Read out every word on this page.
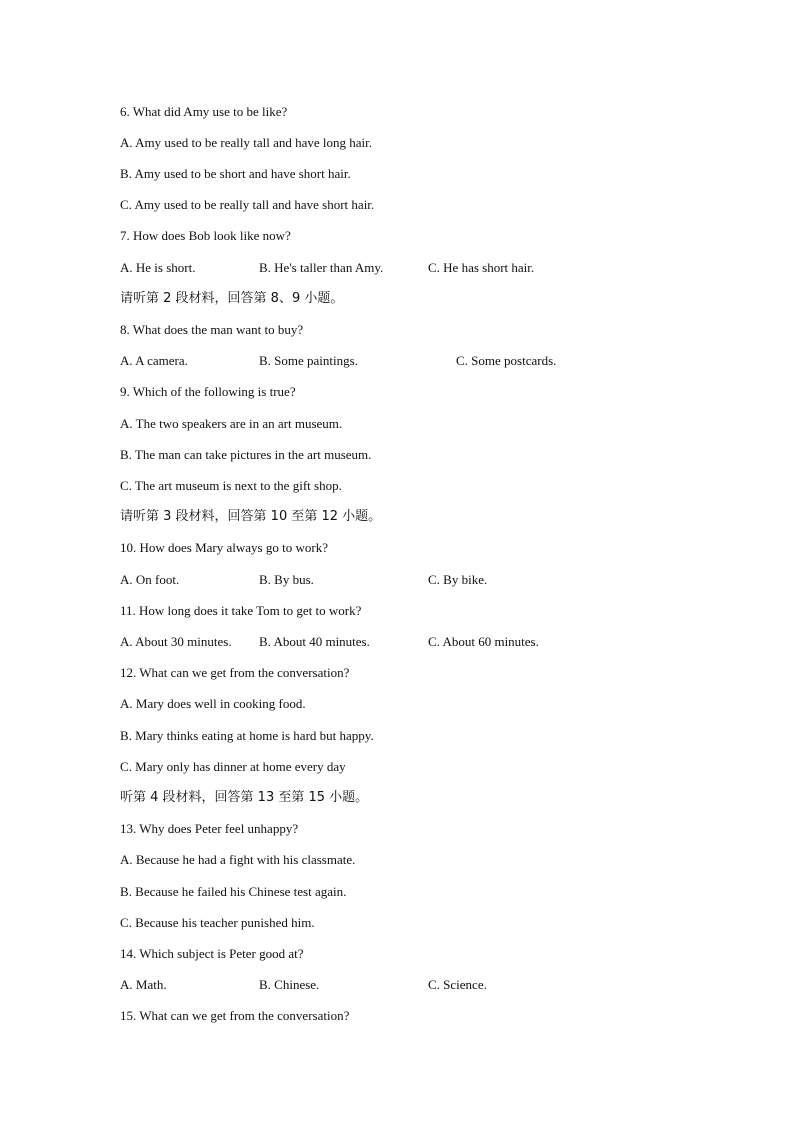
6. What did Amy use to be like?
A. Amy used to be really tall and have long hair.
B. Amy used to be short and have short hair.
C. Amy used to be really tall and have short hair.
7. How does Bob look like now?
A. He is short.	B. He's taller than Amy.	C. He has short hair.
请听第 2 段材料，回答第 8、9 小题。
8. What does the man want to buy?
A. A camera.	B. Some paintings.	C. Some postcards.
9. Which of the following is true?
A. The two speakers are in an art museum.
B. The man can take pictures in the art museum.
C. The art museum is next to the gift shop.
请听第 3 段材料，回答第 10 至第 12 小题。
10. How does Mary always go to work?
A. On foot.	B. By bus.	C. By bike.
11. How long does it take Tom to get to work?
A. About 30 minutes. B. About 40 minutes.	C. About 60 minutes.
12. What can we get from the conversation?
A. Mary does well in cooking food.
B. Mary thinks eating at home is hard but happy.
C. Mary only has dinner at home every day
听第 4 段材料，回答第 13 至第 15 小题。
13. Why does Peter feel unhappy?
A. Because he had a fight with his classmate.
B. Because he failed his Chinese test again.
C. Because his teacher punished him.
14. Which subject is Peter good at?
A. Math.	B. Chinese.	C. Science.
15. What can we get from the conversation?
